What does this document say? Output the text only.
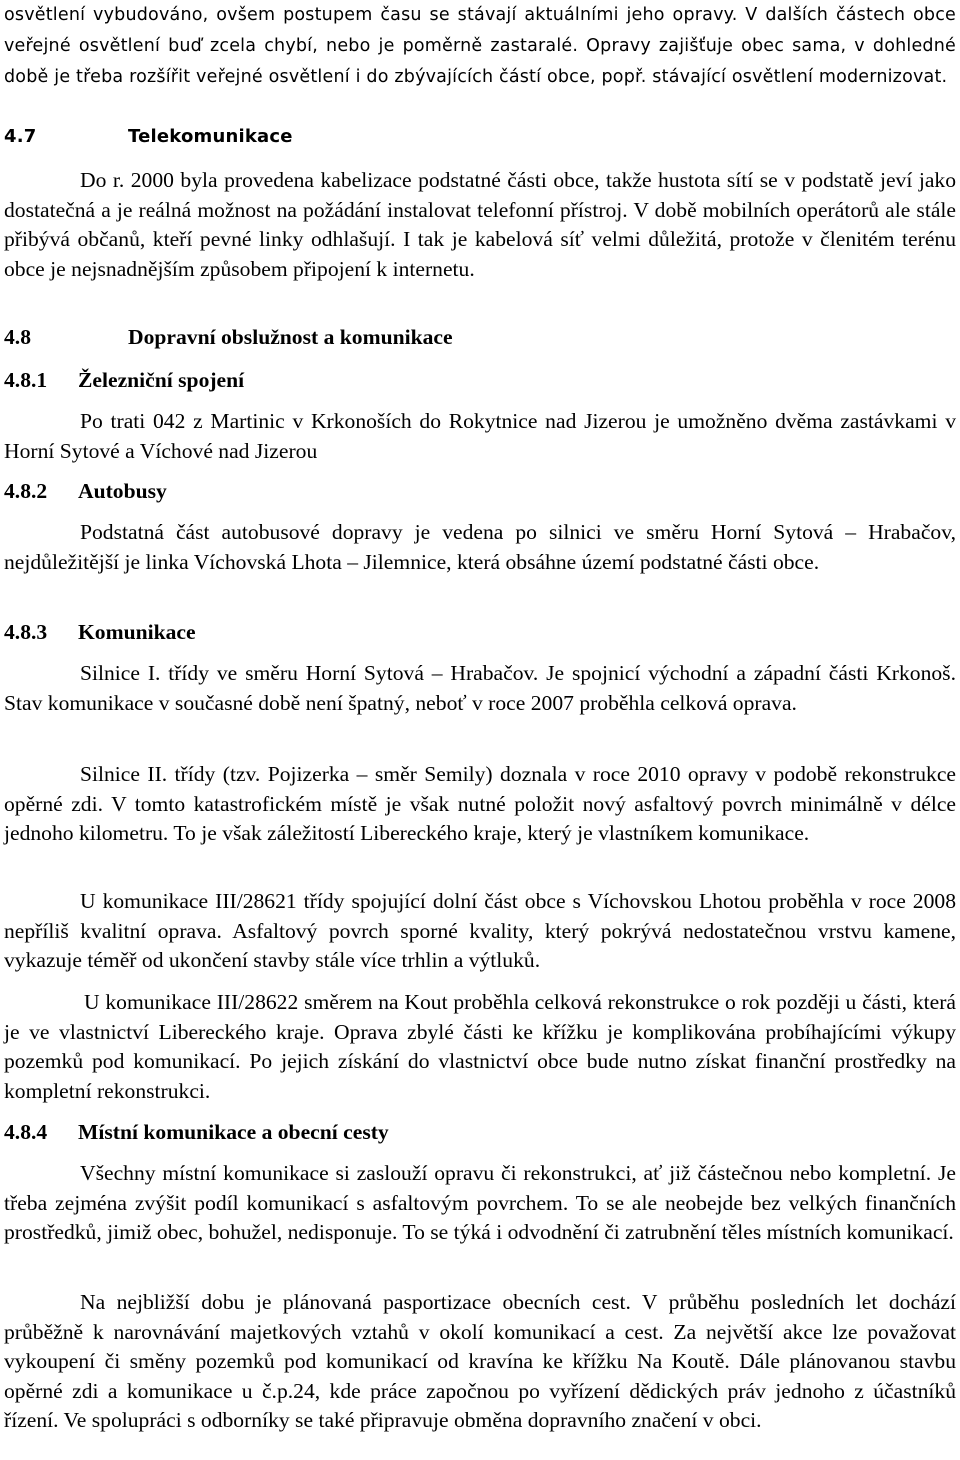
osvětlení vybudováno, ovšem postupem času se stávají aktuálními jeho opravy. V dalších částech obce veřejné osvětlení buď zcela chybí, nebo je poměrně zastaralé. Opravy zajišťuje obec sama, v dohledné době je třeba rozšířit veřejné osvětlení i do zbývajících částí obce, popř. stávající osvětlení modernizovat.

4.7	Telekomunikace

Do r. 2000 byla provedena kabelizace podstatné části obce, takže hustota sítí se v podstatě jeví jako dostatečná a je reálná možnost na požádání instalovat telefonní přístroj. V době mobilních operátorů ale stále přibývá občanů, kteří pevné linky odhlašují. I tak je kabelová síť velmi důležitá, protože v členitém terénu obce je nejsnadnějším způsobem připojení k internetu.

4.8	Dopravní obslužnost a komunikace
4.8.1 Železniční spojení

Po trati 042 z Martinic v Krkonoších do Rokytnice nad Jizerou je umožněno dvěma zastávkami v Horní Sytové a Víchové nad Jizerou

4.8.2 Autobusy

Podstatná část autobusové dopravy je vedena po silnici ve směru Horní Sytová – Hrabačov, nejdůležitější je linka Víchovská Lhota – Jilemnice, která obsáhne území podstatné části obce.

4.8.3 Komunikace

Silnice I. třídy ve směru Horní Sytová – Hrabačov. Je spojnicí východní a západní části Krkonoš. Stav komunikace v současné době není špatný, neboť v roce 2007 proběhla celková oprava.

Silnice II. třídy (tzv. Pojizerka – směr Semily) doznala v roce 2010 opravy v podobě rekonstrukce opěrné zdi. V tomto katastrofickém místě je však nutné položit nový asfaltový povrch minimálně v délce jednoho kilometru. To je však záležitostí Libereckého kraje, který je vlastníkem komunikace.

U komunikace III/28621 třídy spojující dolní část obce s Víchovskou Lhotou proběhla v roce 2008 nepříliš kvalitní oprava. Asfaltový povrch sporné kvality, který pokrývá nedostatečnou vrstvu kamene, vykazuje téměř od ukončení stavby stále více trhlin a výtluků.

U komunikace III/28622 směrem na Kout proběhla celková rekonstrukce o rok později u části, která je ve vlastnictví Libereckého kraje. Oprava zbylé části ke křížku je komplikována probíhajícími výkupy pozemků pod komunikací. Po jejich získání do vlastnictví obce bude nutno získat finanční prostředky na kompletní rekonstrukci.

4.8.4 Místní komunikace a obecní cesty

Všechny místní komunikace si zaslouží opravu či rekonstrukci, ať již částečnou nebo kompletní. Je třeba zejména zvýšit podíl komunikací s asfaltovým povrchem. To se ale neobejde bez velkých finančních prostředků, jimiž obec, bohužel, nedisponuje. To se týká i odvodnění či zatrubnění těles místních komunikací.

Na nejbližší dobu je plánovaná pasportizace obecních cest. V průběhu posledních let dochází průběžně k narovnávání majetkových vztahů v okolí komunikací a cest. Za největší akce lze považovat vykoupení či směny pozemků pod komunikací od kravína ke křížku Na Koutě. Dále plánovanou stavbu opěrné zdi a komunikace u č.p.24, kde práce započnou po vyřízení dědických práv jednoho z účastníků řízení. Ve spolupráci s odborníky se také připravuje obměna dopravního značení v obci.
